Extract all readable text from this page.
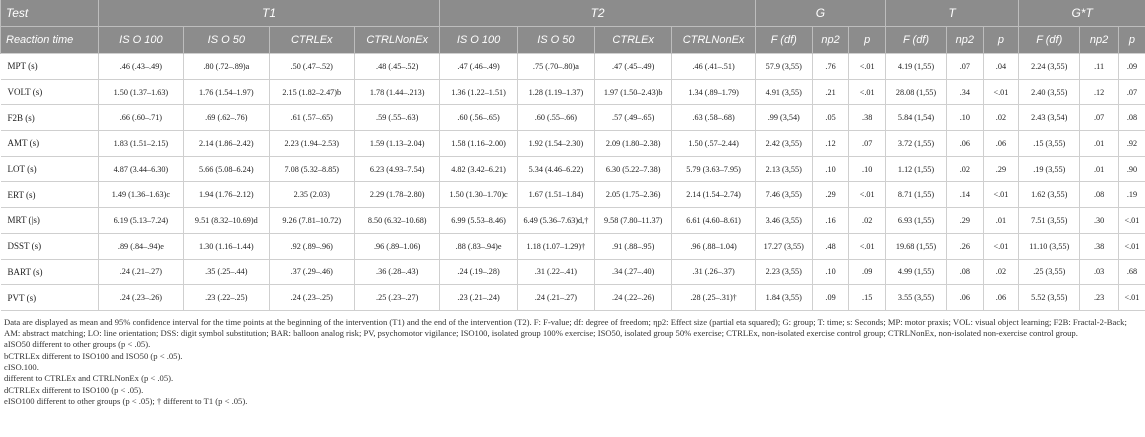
Test	T1				T2				G			T			G*T		
Reaction time	IS O 100	IS O 50	CTRLEx	CTRLNonEx	IS O 100	IS O 50	CTRLEx	CTRLNonEx	F (df)	np2	p	F (df)	np2	p	F (df)	np2	p
MPT (s)	.46 (.43–.49)	.80 (.72–.89)a	.50 (.47–.52)	.48 (.45–.52)	.47 (.46–.49)	.75 (.70–.80)a	.47 (.45–.49)	.46 (.41–.51)	57.9 (3,55)	.76	<.01	4.19 (1,55)	.07	.04	2.24 (3,55)	.11	.09
VOLT (s)	1.50 (1.37–1.63)	1.76 (1.54–1.97)	2.15 (1.82–2.47)b	1.78 (1.44–.213)	1.36 (1.22–1.51)	1.28 (1.19–1.37)	1.97 (1.50–2.43)b	1.34 (.89–1.79)	4.91 (3,55)	.21	<.01	28.08 (1,55)	.34	<.01	2.40 (3,55)	.12	.07
F2B (s)	.66 (.60–.71)	.69 (.62–.76)	.61 (.57–.65)	.59 (.55–.63)	.60 (.56–.65)	.60 (.55–.66)	.57 (.49–.65)	.63 (.58–.68)	.99 (3,54)	.05	.38	5.84 (1,54)	.10	.02	2.43 (3,54)	.07	.08
AMT (s)	1.83 (1.51–2.15)	2.14 (1.86–2.42)	2.23 (1.94–2.53)	1.59 (1.13–2.04)	1.58 (1.16–2.00)	1.92 (1.54–2.30)	2.09 (1.80–2.38)	1.50 (.57–2.44)	2.42 (3,55)	.12	.07	3.72 (1,55)	.06	.06	.15 (3,55)	.01	.92
LOT (s)	4.87 (3.44–6.30)	5.66 (5.08–6.24)	7.08 (5.32–8.85)	6.23 (4.93–7.54)	4.82 (3.42–6.21)	5.34 (4.46–6.22)	6.30 (5.22–7.38)	5.79 (3.63–7.95)	2.13 (3,55)	.10	.10	1.12 (1,55)	.02	.29	.19 (3,55)	.01	.90
ERT (s)	1.49 (1.36–1.63)c	1.94 (1.76–2.12)	2.35 (2.03)	2.29 (1.78–2.80)	1.50 (1.30–1.70)c	1.67 (1.51–1.84)	2.05 (1.75–2.36)	2.14 (1.54–2.74)	7.46 (3,55)	.29	<.01	8.71 (1,55)	.14	<.01	1.62 (3,55)	.08	.19
MRT (|s)	6.19 (5.13–7.24)	9.51 (8.32–10.69)d	9.26 (7.81–10.72)	8.50 (6.32–10.68)	6.99 (5.53–8.46)	6.49 (5.36–7.63)d,†	9.58 (7.80–11.37)	6.61 (4.60–8.61)	3.46 (3,55)	.16	.02	6.93 (1,55)	.29	.01	7.51 (3,55)	.30	<.01
DSST (s)	.89 (.84–.94)e	1.30 (1.16–1.44)	.92 (.89–.96)	.96 (.89–1.06)	.88 (.83–.94)e	1.18 (1.07–1.29)†	.91 (.88–.95)	.96 (.88–1.04)	17.27 (3,55)	.48	<.01	19.68 (1,55)	.26	<.01	11.10 (3,55)	.38	<.01
BART (s)	.24 (.21–.27)	.35 (.25–.44)	.37 (.29–.46)	.36 (.28–.43)	.24 (.19–.28)	.31 (.22–.41)	.34 (.27–.40)	.31 (.26–.37)	2.23 (3,55)	.10	.09	4.99 (1,55)	.08	.02	.25 (3,55)	.03	.68
PVT (s)	.24 (.23–.26)	.23 (.22–.25)	.24 (.23–.25)	.25 (.23–.27)	.23 (.21–.24)	.24 (.21–.27)	.24 (.22–.26)	.28 (.25–.31)†	1.84 (3,55)	.09	.15	3.55 (3,55)	.06	.06	5.52 (3,55)	.23	<.01

Data are displayed as mean and 95% confidence interval for the time points at the beginning of the intervention (T1) and the end of the intervention (T2). F: F-value; df: degree of freedom; ηp2: Effect size (partial eta squared); G: group; T: time; s: Seconds; MP: motor praxis; VOL: visual object learning; F2B: Fractal-2-Back; AM: abstract matching; LO: line orientation; DSS: digit symbol substitution; BAR: balloon analog risk; PV, psychomotor vigilance; ISO100, isolated group 100% exercise; ISO50, isolated group 50% exercise; CTRLEx, non-isolated exercise control group; CTRLNonEx, non-isolated non-exercise control group.

aISO50 different to other groups (p < .05).

bCTRLEx different to ISO100 and ISO50 (p < .05).

cISO.100.

different to CTRLEx and CTRLNonEx (p < .05).

dCTRLEx different to ISO100 (p < .05).

eISO100 different to other groups (p < .05); † different to T1 (p < .05).
